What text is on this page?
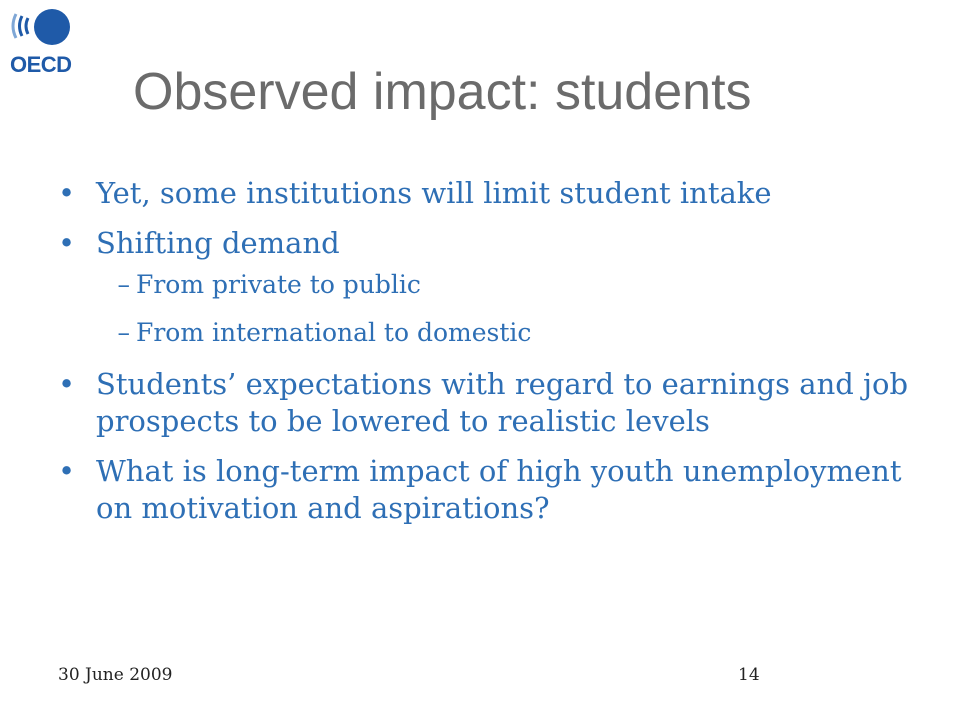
OECD Observed impact: students
• Yet, some institutions will limit student intake
• Shifting demand
– From private to public
– From international to domestic
• Students’ expectations with regard to earnings and job prospects to be lowered to realistic levels
• What is long-term impact of high youth unemployment on motivation and aspirations?
30 June 2009	14
